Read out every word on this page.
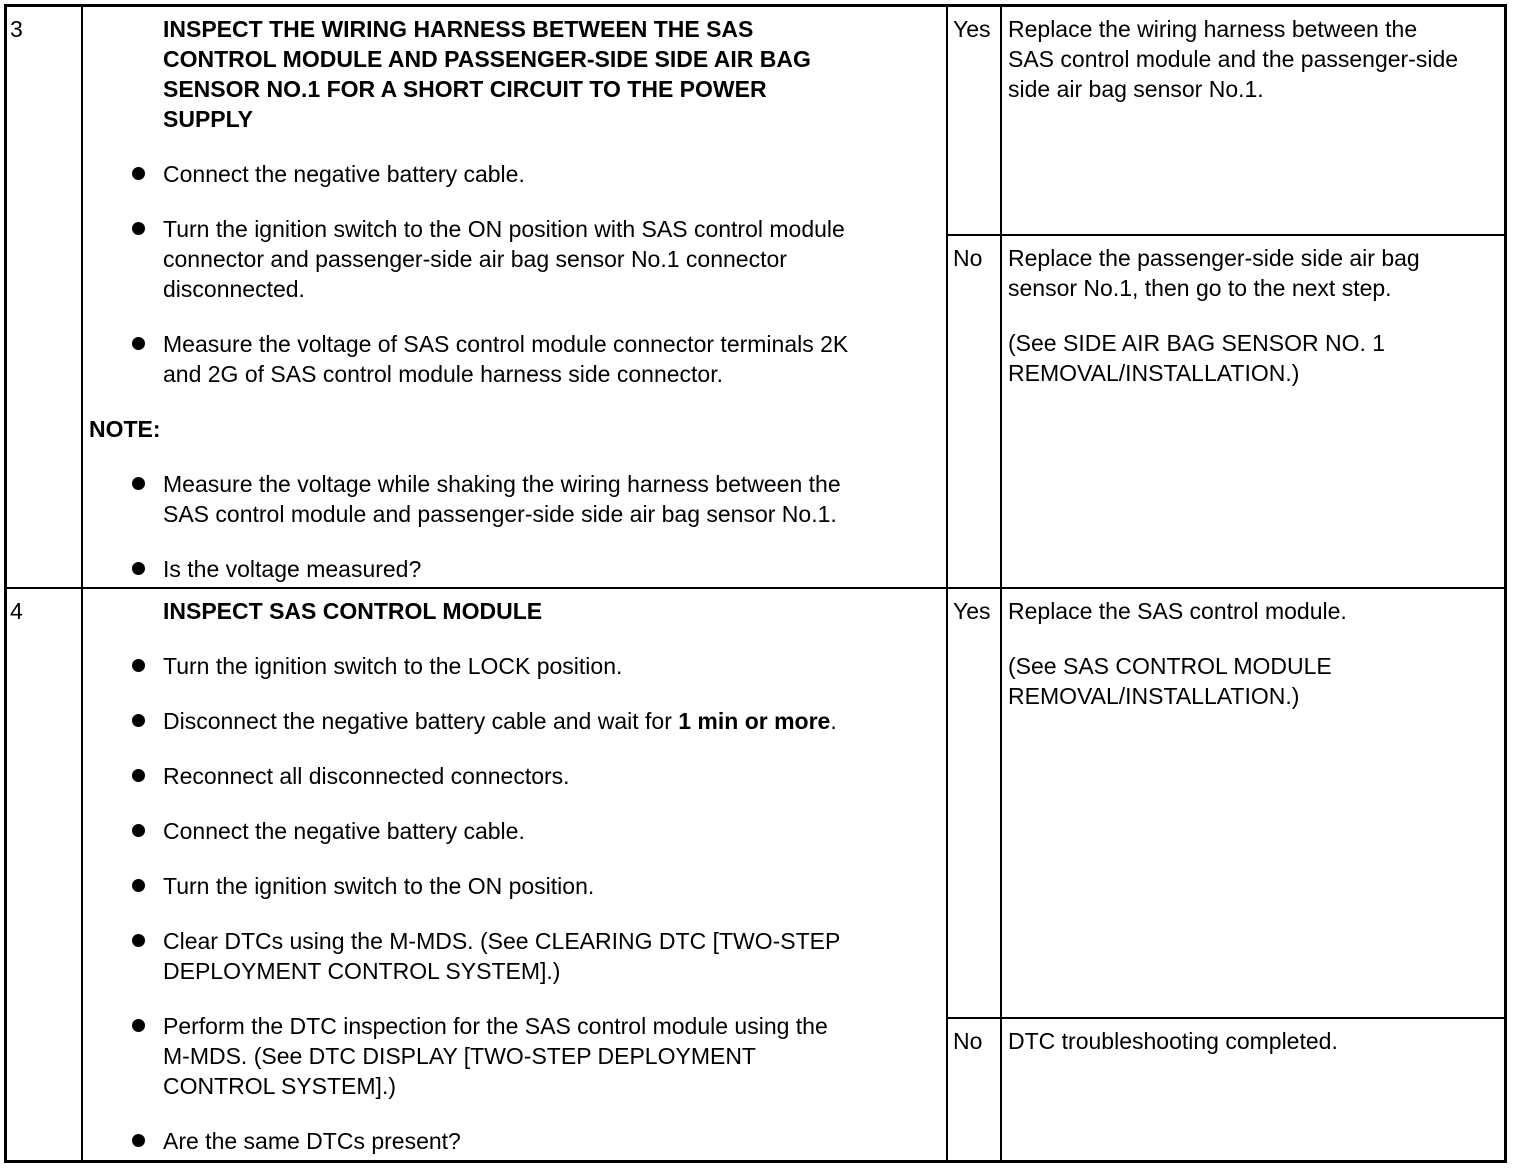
3	INSPECT THE WIRING HARNESS BETWEEN THE SAS
CONTROL MODULE AND PASSENGER-SIDE SIDE AIR BAG
SENSOR NO.1 FOR A SHORT CIRCUIT TO THE POWER
SUPPLY
Connect the negative battery cable.
Turn the ignition switch to the ON position with SAS control module
connector and passenger-side air bag sensor No.1 connector
disconnected.
Measure the voltage of SAS control module connector terminals 2K
and 2G of SAS control module harness side connector.
NOTE:
Measure the voltage while shaking the wiring harness between the
SAS control module and passenger-side side air bag sensor No.1.
Is the voltage measured?
Yes Replace the wiring harness between the
SAS control module and the passenger-side
side air bag sensor No.1.
No Replace the passenger-side side air bag
sensor No.1, then go to the next step.
(See SIDE AIR BAG SENSOR NO. 1
REMOVAL/INSTALLATION.)
4	INSPECT SAS CONTROL MODULE
Turn the ignition switch to the LOCK position.
Disconnect the negative battery cable and wait for 1 min or more.
Reconnect all disconnected connectors.
Connect the negative battery cable.
Turn the ignition switch to the ON position.
Clear DTCs using the M-MDS. (See CLEARING DTC [TWO-STEP
DEPLOYMENT CONTROL SYSTEM].)
Perform the DTC inspection for the SAS control module using the
M-MDS. (See DTC DISPLAY [TWO-STEP DEPLOYMENT
CONTROL SYSTEM].)
Are the same DTCs present?
Yes Replace the SAS control module.
(See SAS CONTROL MODULE
REMOVAL/INSTALLATION.)
No DTC troubleshooting completed.
